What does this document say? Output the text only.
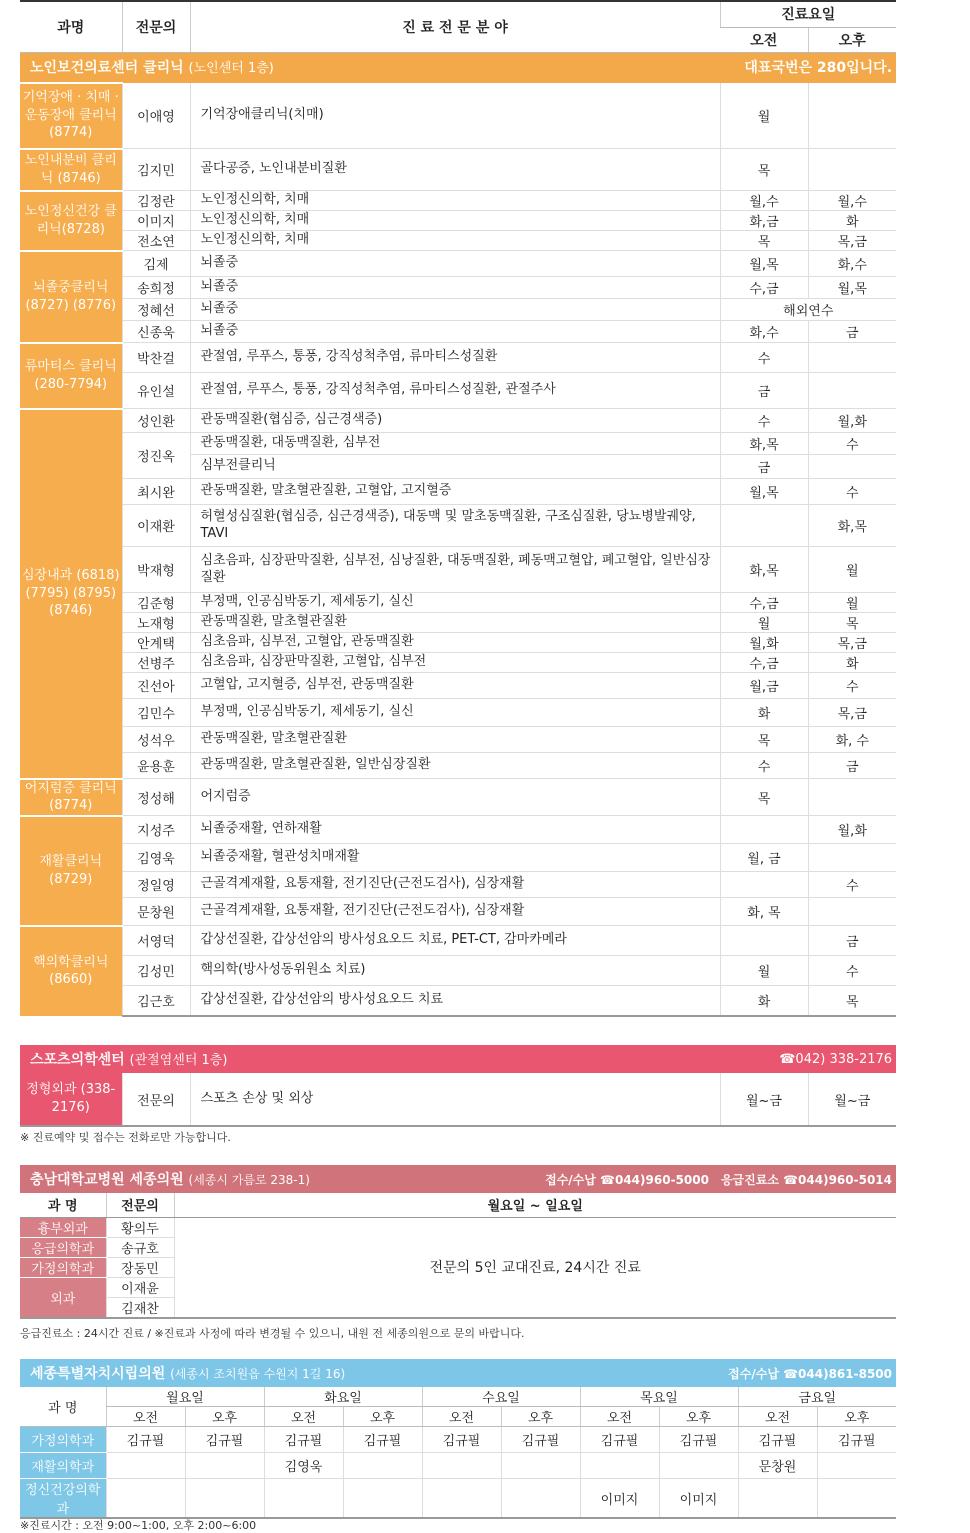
과명	전문의	진 료 전 문 분 야	진료요일	
			오전	오후

노인보건의료센터 클리닉 (노인센터 1층) 대표국번은 280입니다.				

기억장애 · 치매 · 운동장애 클리닉(8774)	이애영	기억장애클리닉(치매)	월	
노인내분비 클리닉 (8746)	김지민	골다공증, 노인내분비질환	목	
노인정신건강 클리닉(8728)	김정란	노인정신의학, 치매	월,수	월,수
	이미지	노인정신의학, 치매	화,금	화
	전소연	노인정신의학, 치매	목	목,금
뇌졸중클리닉 (8727) (8776)	김제	뇌졸중	월,목	화,수
	송희정	뇌졸중	수,금	월,목
	정혜선	뇌졸중	해외연수	
	신종욱	뇌졸중	화,수	금
류마티스 클리닉 (280-7794)	박찬걸	관절염, 루푸스, 통풍, 강직성척추염, 류마티스성질환	수	
	유인설	관절염, 루푸스, 통풍, 강직성척추염, 류마티스성질환, 관절주사	금	
심장내과 (6818) (7795) (8795) (8746)	성인환	관동맥질환(협심증, 심근경색증)	수	월,화
	정진옥	관동맥질환, 대동맥질환, 심부전	화,목	수
		심부전클리닉	금	
	최시완	관동맥질환, 말초혈관질환, 고혈압, 고지혈증	월,목	수
	이재환	허혈성심질환(협심증, 심근경색증), 대동맥 및 말초동맥질환, 구조심질환, 당뇨병발궤양, TAVI		화,목
	박재형	심초음파, 심장판막질환, 심부전, 심낭질환, 대동맥질환, 폐동맥고혈압, 폐고혈압, 일반심장질환	화,목	월
	김준형	부정맥, 인공심박동기, 제세동기, 실신	수,금	월
	노재형	관동맥질환, 말초혈관질환	월	목
	안계택	심초음파, 심부전, 고혈압, 관동맥질환	월,화	목,금
	선병주	심초음파, 심장판막질환, 고혈압, 심부전	수,금	화
	진선아	고혈압, 고지혈증, 심부전, 관동맥질환	월,금	수
	김민수	부정맥, 인공심박동기, 제세동기, 실신	화	목,금
	성석우	관동맥질환, 말초혈관질환	목	화, 수
	윤용훈	관동맥질환, 말초혈관질환, 일반심장질환	수	금
어지럼증 클리닉(8774)	정성해	어지럼증	목	
재활클리닉 (8729)	지성주	뇌졸중재활, 연하재활		월,화
	김영욱	뇌졸중재활, 혈관성치매재활	월, 금	
	정일영	근골격계재활, 요통재활, 전기진단(근전도검사), 심장재활		수
	문창원	근골격계재활, 요통재활, 전기진단(근전도검사), 심장재활	화, 목	
핵의학클리닉 (8660)	서영덕	갑상선질환, 갑상선암의 방사성요오드 치료, PET-CT, 감마카메라		금
	김성민	핵의학(방사성동위원소 치료)	월	수
	김근호	갑상선질환, 갑상선암의 방사성요오드 치료	화	목
스포츠의학센터 (관절염센터 1층)	☎042) 338-2176

정형외과 (338-2176)	전문의	스포츠 손상 및 외상	월~금	월~금
※ 진료예약 및 접수는 전화로만 가능합니다.
충남대학교병원 세종의원 (세종시 가름로 238-1) 접수/수납 ☎044)960-5000　응급진료소 ☎044)960-5014		

과 명	전문의	월요일 ~ 일요일
흉부외과	황의두	전문의 5인 교대진료, 24시간 진료
응급의학과	송규호	
가정의학과	장동민	
외과	이재윤	
	김재찬	
응급진료소 : 24시간 진료 / ※진료과 사정에 따라 변경될 수 있으니, 내원 전 세종의원으로 문의 바랍니다.
세종특별자치시립의원 (세종시 조치원읍 수원지 1길 16) 접수/수납 ☎044)861-8500										

과 명	월요일		화요일		수요일		목요일		금요일	
	오전	오후	오전	오후	오전	오후	오전	오후	오전	오후
가정의학과	김규필	김규필	김규필	김규필	김규필	김규필	김규필	김규필	김규필	김규필
재활의학과			김영욱						문창원	
정신건강의학과							이미지	이미지		
※진료시간 : 오전 9:00~1:00, 오후 2:00~6:00
